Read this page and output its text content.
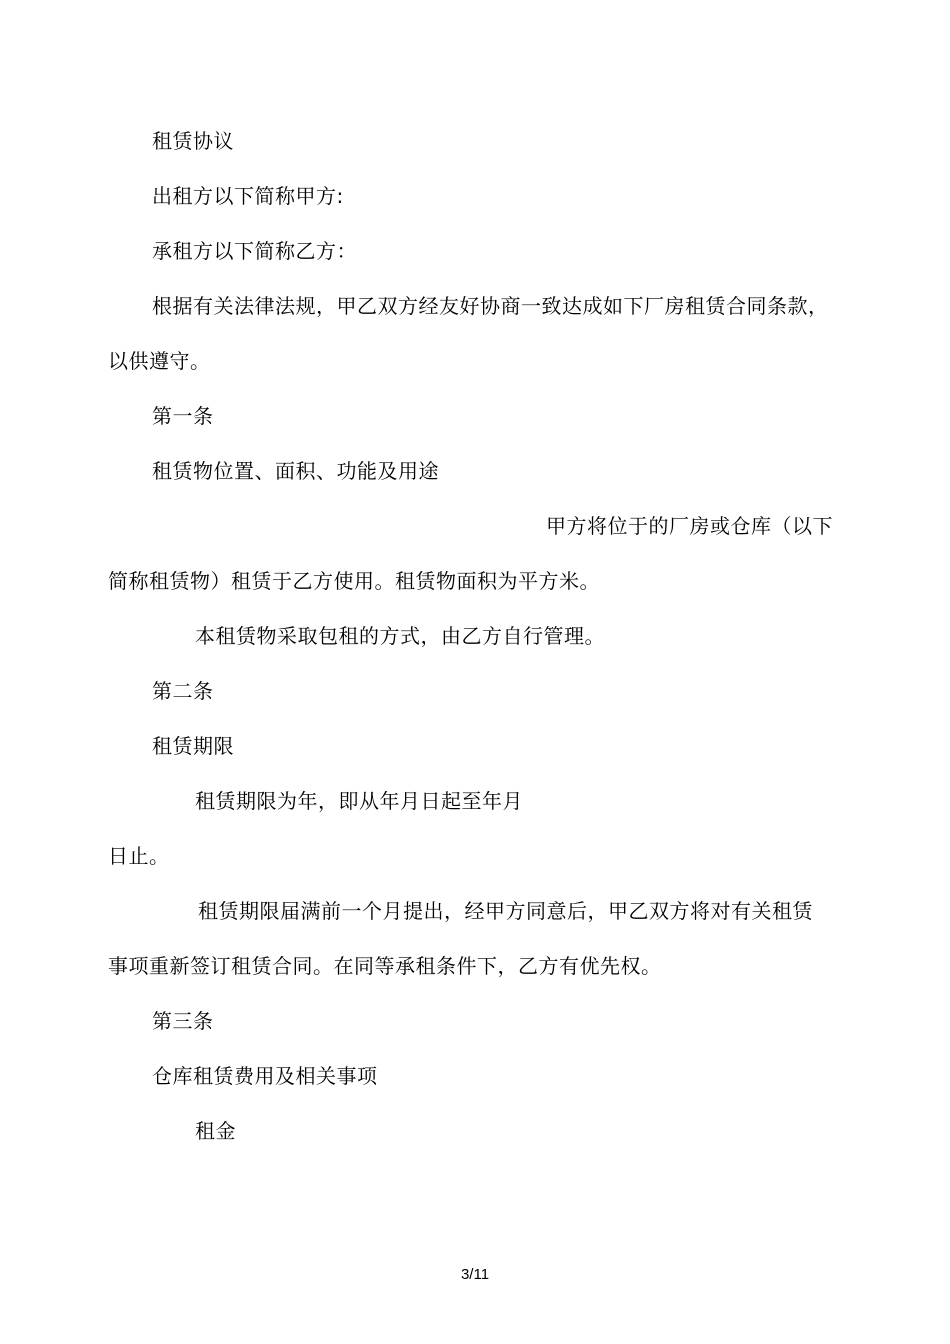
租赁协议
出租方以下简称甲方:
承租方以下简称乙方：
根据有关法律法规，甲乙双方经友好协商一致达成如下厂房租赁合同条款，
以供遵守。
第一条
租赁物位置、面积、功能及用途
甲方将位于的厂房或仓库（以下
简称租赁物）租赁于乙方使用。租赁物面积为平方米。
本租赁物采取包租的方式，由乙方自行管理。
第二条
租赁期限
租赁期限为年，即从年月日起至年月
日止。
租赁期限届满前一个月提出，经甲方同意后，甲乙双方将对有关租赁
事项重新签订租赁合同。在同等承租条件下，乙方有优先权。
第三条
仓库租赁费用及相关事项
租金
3/11
